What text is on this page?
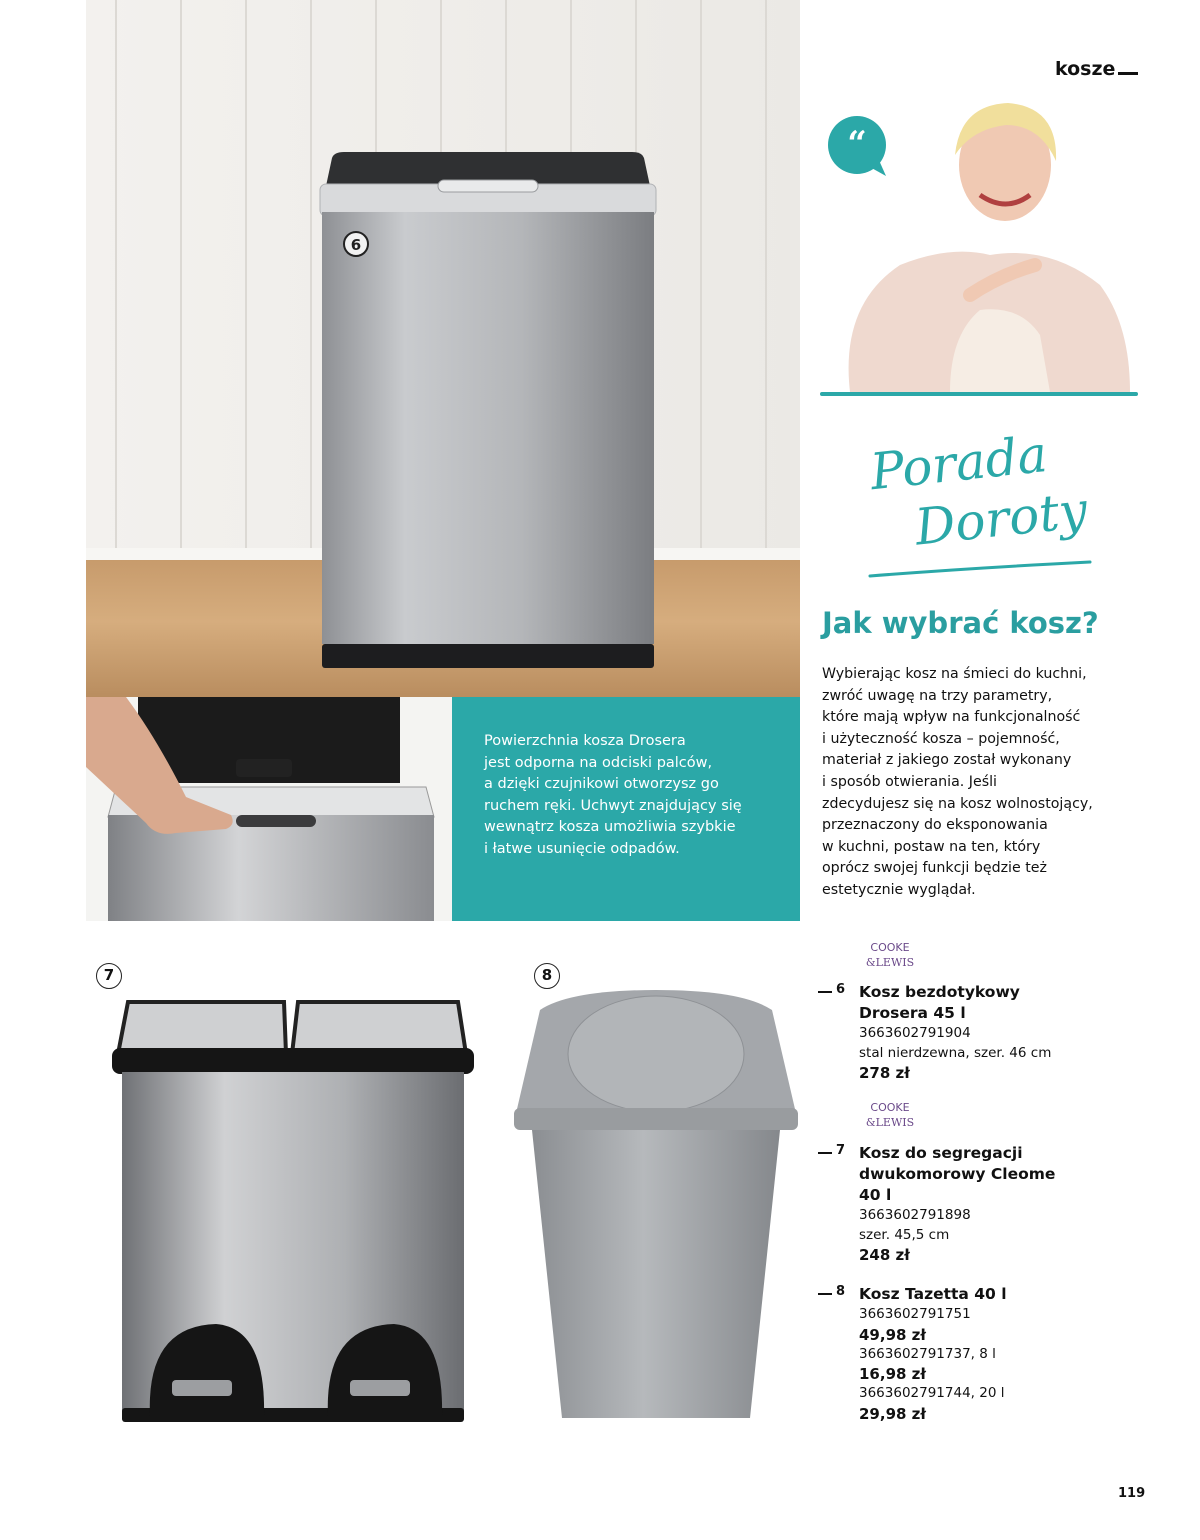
kosze
6
Powierzchnia kosza Drosera
jest odporna na odciski palców,
a dzięki czujnikowi otworzysz go
ruchem ręki. Uchwyt znajdujący się
wewnątrz kosza umożliwia szybkie
i łatwe usunięcie odpadów.
“
Porada
Doroty
Jak wybrać kosz?
Wybierając kosz na śmieci do kuchni,
zwróć uwagę na trzy parametry,
które mają wpływ na funkcjonalność
i użyteczność kosza – pojemność,
materiał z jakiego został wykonany
i sposób otwierania. Jeśli
zdecydujesz się na kosz wolnostojący,
przeznaczony do eksponowania
w kuchni, postaw na ten, który
oprócz swojej funkcji będzie też
estetycznie wyglądał.
7	8
COOKE
&LEWIS
6 Kosz bezdotykowy
Drosera 45 l
3663602791904
stal nierdzewna, szer. 46 cm
278 zł
COOKE
&LEWIS
7 Kosz do segregacji
dwukomorowy Cleome
40 l
3663602791898
szer. 45,5 cm
248 zł
8 Kosz Tazetta 40 l
3663602791751
49,98 zł
3663602791737, 8 l
16,98 zł
3663602791744, 20 l
29,98 zł
119
